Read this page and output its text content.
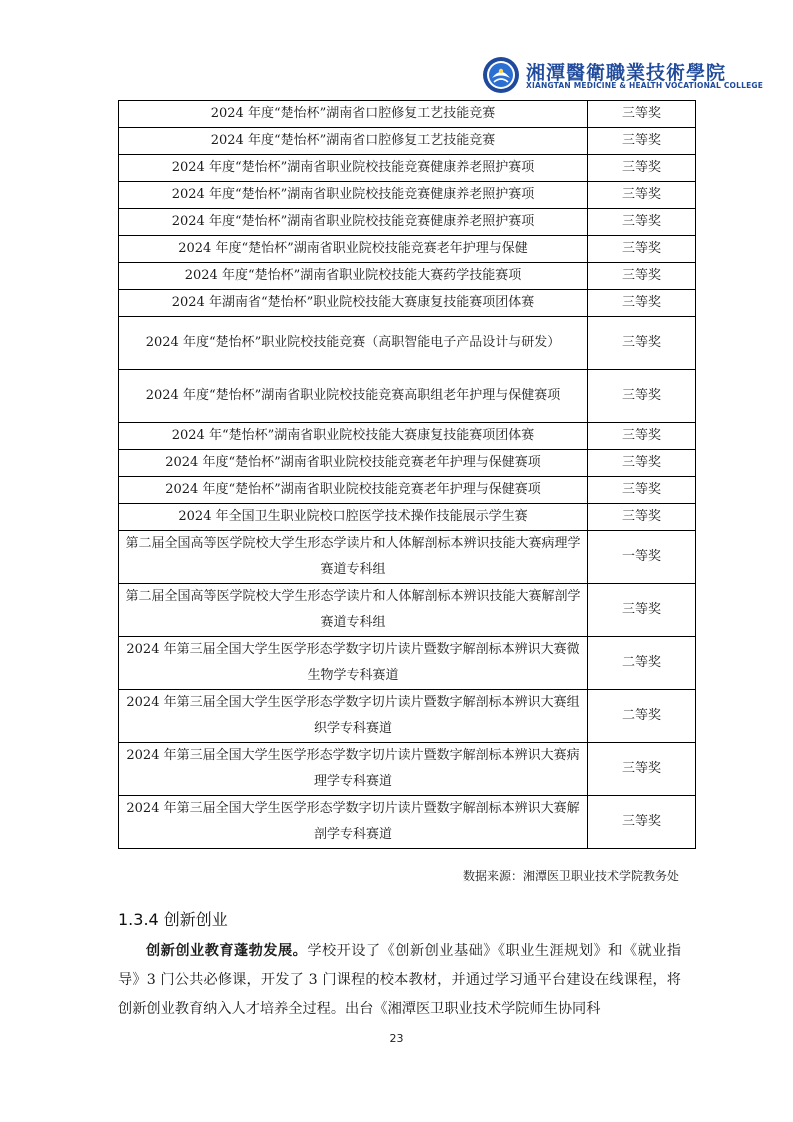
湘潭醫衛職業技術學院
XIANGTAN MEDICINE & HEALTH VOCATIONAL COLLEGE
2024 年度“楚怡杯”湖南省口腔修复工艺技能竞赛	三等奖
2024 年度“楚怡杯”湖南省口腔修复工艺技能竞赛	三等奖
2024 年度“楚怡杯”湖南省职业院校技能竞赛健康养老照护赛项	三等奖
2024 年度“楚怡杯”湖南省职业院校技能竞赛健康养老照护赛项	三等奖
2024 年度“楚怡杯”湖南省职业院校技能竞赛健康养老照护赛项	三等奖
2024 年度“楚怡杯”湖南省职业院校技能竞赛老年护理与保健	三等奖
2024 年度“楚怡杯”湖南省职业院校技能大赛药学技能赛项	三等奖
2024 年湖南省“楚怡杯”职业院校技能大赛康复技能赛项团体赛	三等奖
2024 年度“楚怡杯”职业院校技能竞赛（高职智能电子产品设计与研发）	三等奖
2024 年度“楚怡杯”湖南省职业院校技能竞赛高职组老年护理与保健赛项	三等奖
2024 年“楚怡杯”湖南省职业院校技能大赛康复技能赛项团体赛	三等奖
2024 年度“楚怡杯”湖南省职业院校技能竞赛老年护理与保健赛项	三等奖
2024 年度“楚怡杯”湖南省职业院校技能竞赛老年护理与保健赛项	三等奖
2024 年全国卫生职业院校口腔医学技术操作技能展示学生赛	三等奖
第二届全国高等医学院校大学生形态学读片和人体解剖标本辨识技能大赛病理学赛道专科组	一等奖
第二届全国高等医学院校大学生形态学读片和人体解剖标本辨识技能大赛解剖学赛道专科组	三等奖
2024 年第三届全国大学生医学形态学数字切片读片暨数字解剖标本辨识大赛微生物学专科赛道	二等奖
2024 年第三届全国大学生医学形态学数字切片读片暨数字解剖标本辨识大赛组织学专科赛道	二等奖
2024 年第三届全国大学生医学形态学数字切片读片暨数字解剖标本辨识大赛病理学专科赛道	三等奖
2024 年第三届全国大学生医学形态学数字切片读片暨数字解剖标本辨识大赛解剖学专科赛道	三等奖
数据来源：湘潭医卫职业技术学院教务处
1.3.4 创新创业

创新创业教育蓬勃发展。学校开设了《创新创业基础》《职业生涯规划》和《就业指导》3 门公共必修课，开发了 3 门课程的校本教材，并通过学习通平台建设在线课程，将创新创业教育纳入人才培养全过程。出台《湘潭医卫职业技术学院师生协同科

23
